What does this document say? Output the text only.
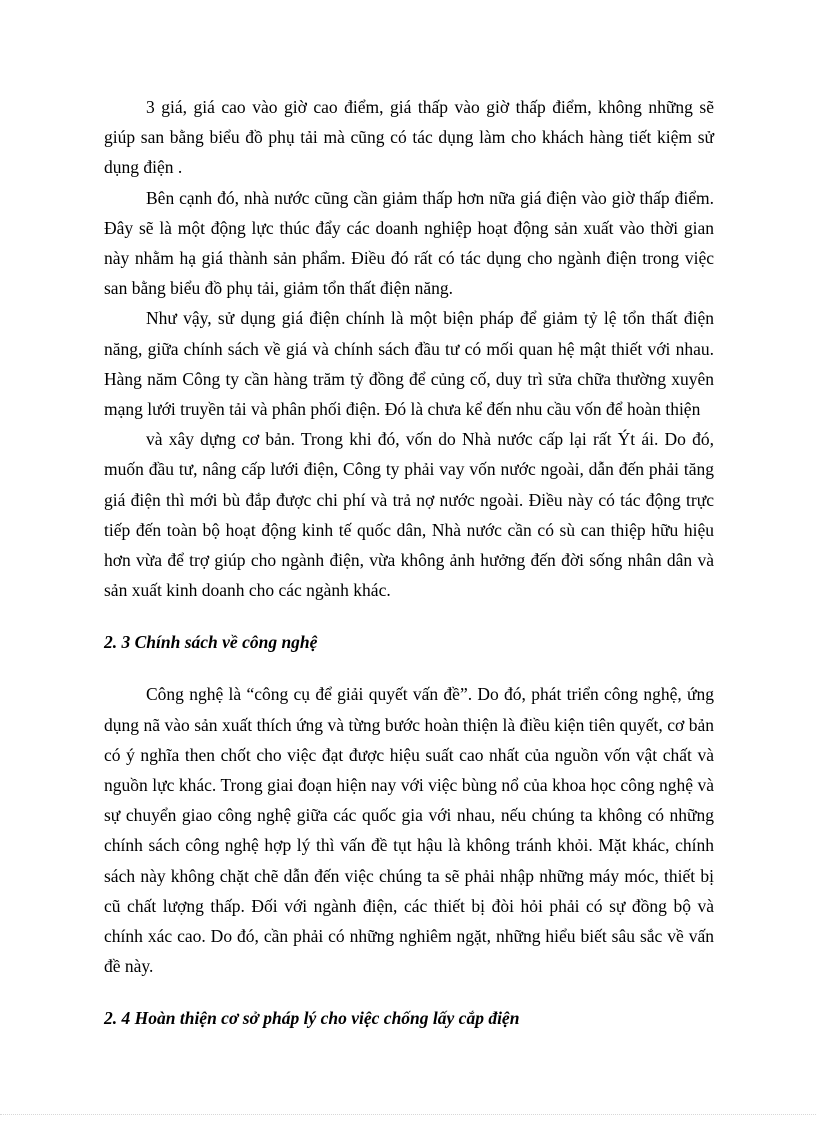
3 giá, giá cao vào giờ cao điểm, giá thấp vào giờ thấp điểm, không những sẽ giúp san bằng biểu đồ phụ tải mà cũng có tác dụng làm cho khách hàng tiết kiệm sử dụng điện .

Bên cạnh đó, nhà nước cũng cần giảm thấp hơn nữa giá điện vào giờ thấp điểm. Đây sẽ là một động lực thúc đẩy các doanh nghiệp hoạt động sản xuất vào thời gian này nhằm hạ giá thành sản phẩm. Điều đó rất có tác dụng cho ngành điện trong việc san bằng biểu đồ phụ tải, giảm tổn thất điện năng.

Như vậy, sử dụng giá điện chính là một biện pháp để giảm tỷ lệ tổn thất điện năng, giữa chính sách về giá và chính sách đầu tư có mối quan hệ mật thiết với nhau. Hàng năm Công ty cần hàng trăm tỷ đồng để củng cố, duy trì sửa chữa thường xuyên mạng lưới truyền tải và phân phối điện. Đó là chưa kể đến nhu cầu vốn để hoàn thiện

và xây dựng cơ bản. Trong khi đó, vốn do Nhà nước cấp lại rất Ýt ái. Do đó, muốn đầu tư, nâng cấp lưới điện, Công ty phải vay vốn nước ngoài, dẫn đến phải tăng giá điện thì mới bù đắp được chi phí và trả nợ nước ngoài. Điều này có tác động trực tiếp đến toàn bộ hoạt động kinh tế quốc dân, Nhà nước cần có sù can thiệp hữu hiệu hơn vừa để trợ giúp cho ngành điện, vừa không ảnh hưởng đến đời sống nhân dân và sản xuất kinh doanh cho các ngành khác.

2. 3 Chính sách về công nghệ

Công nghệ là “công cụ để giải quyết vấn đề”. Do đó, phát triển công nghệ, ứng dụng nã vào sản xuất thích ứng và từng bước hoàn thiện là điều kiện tiên quyết, cơ bản có ý nghĩa then chốt cho việc đạt được hiệu suất cao nhất của nguồn vốn vật chất và nguồn lực khác. Trong giai đoạn hiện nay với việc bùng nổ của khoa học công nghệ và sự chuyển giao công nghệ giữa các quốc gia với nhau, nếu chúng ta không có những chính sách công nghệ hợp lý thì vấn đề tụt hậu là không tránh khỏi. Mặt khác, chính sách này không chặt chẽ dẫn đến việc chúng ta sẽ phải nhập những máy móc, thiết bị cũ chất lượng thấp. Đối với ngành điện, các thiết bị đòi hỏi phải có sự đồng bộ và chính xác cao. Do đó, cần phải có những nghiêm ngặt, những hiểu biết sâu sắc về vấn đề này.

2. 4 Hoàn thiện cơ sở pháp lý cho việc chống lấy cắp điện
